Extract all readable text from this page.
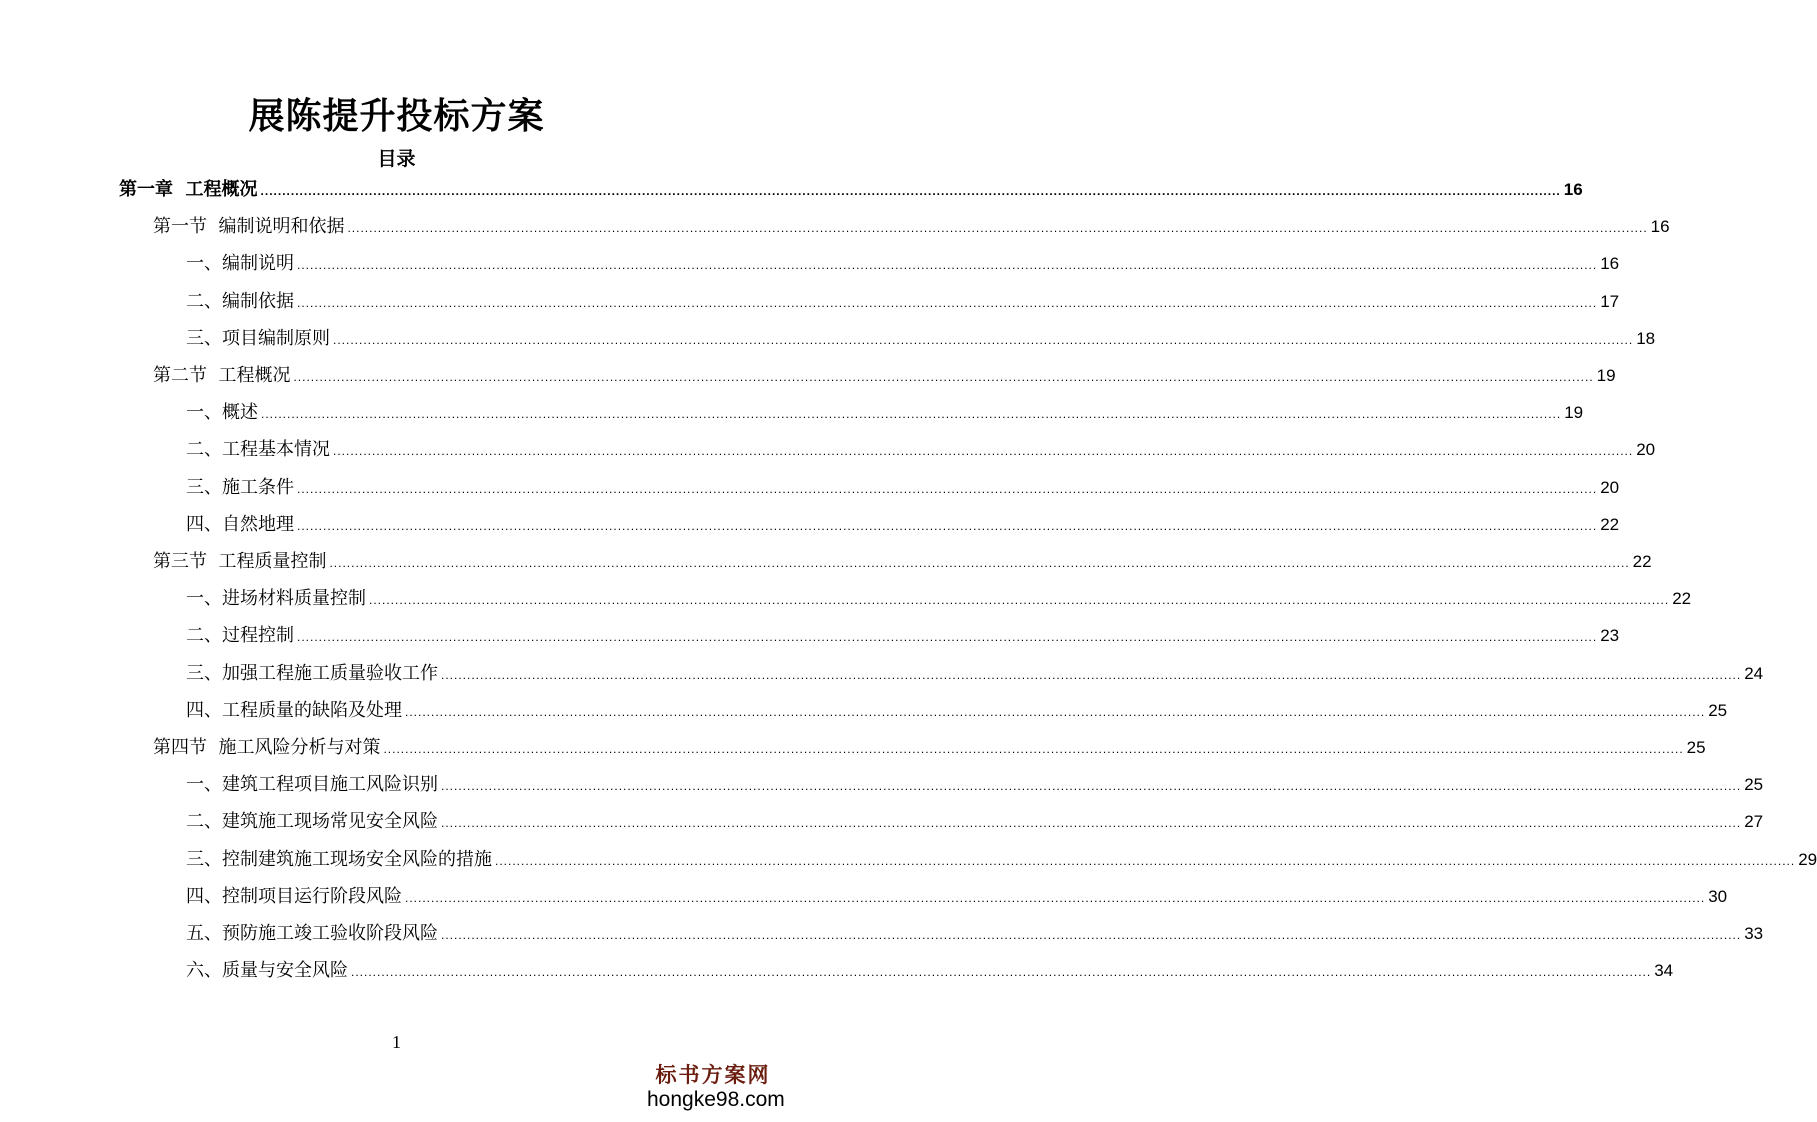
展陈提升投标方案
目录
第一章  工程概况 ............................................................................................................................................................................................................................................................................................................ 16
第一节  编制说明和依据 ............................................................................................................................................................................................................................................................................................................ 16
一、编制说明 ............................................................................................................................................................................................................................................................................................................ 16
二、编制依据 ............................................................................................................................................................................................................................................................................................................ 17
三、项目编制原则 ............................................................................................................................................................................................................................................................................................................ 18
第二节  工程概况 ............................................................................................................................................................................................................................................................................................................ 19
一、概述 ............................................................................................................................................................................................................................................................................................................ 19
二、工程基本情况 ............................................................................................................................................................................................................................................................................................................ 20
三、施工条件 ............................................................................................................................................................................................................................................................................................................ 20
四、自然地理 ............................................................................................................................................................................................................................................................................................................ 22
第三节  工程质量控制 ............................................................................................................................................................................................................................................................................................................ 22
一、进场材料质量控制 ............................................................................................................................................................................................................................................................................................................ 22
二、过程控制 ............................................................................................................................................................................................................................................................................................................ 23
三、加强工程施工质量验收工作 ............................................................................................................................................................................................................................................................................................................ 24
四、工程质量的缺陷及处理 ............................................................................................................................................................................................................................................................................................................ 25
第四节  施工风险分析与对策 ............................................................................................................................................................................................................................................................................................................ 25
一、建筑工程项目施工风险识别 ............................................................................................................................................................................................................................................................................................................ 25
二、建筑施工现场常见安全风险 ............................................................................................................................................................................................................................................................................................................ 27
三、控制建筑施工现场安全风险的措施 ............................................................................................................................................................................................................................................................................................................ 29
四、控制项目运行阶段风险 ............................................................................................................................................................................................................................................................................................................ 30
五、预防施工竣工验收阶段风险 ............................................................................................................................................................................................................................................................................................................ 33
六、质量与安全风险 ............................................................................................................................................................................................................................................................................................................ 34
1
标书方案网
hongke98.com
